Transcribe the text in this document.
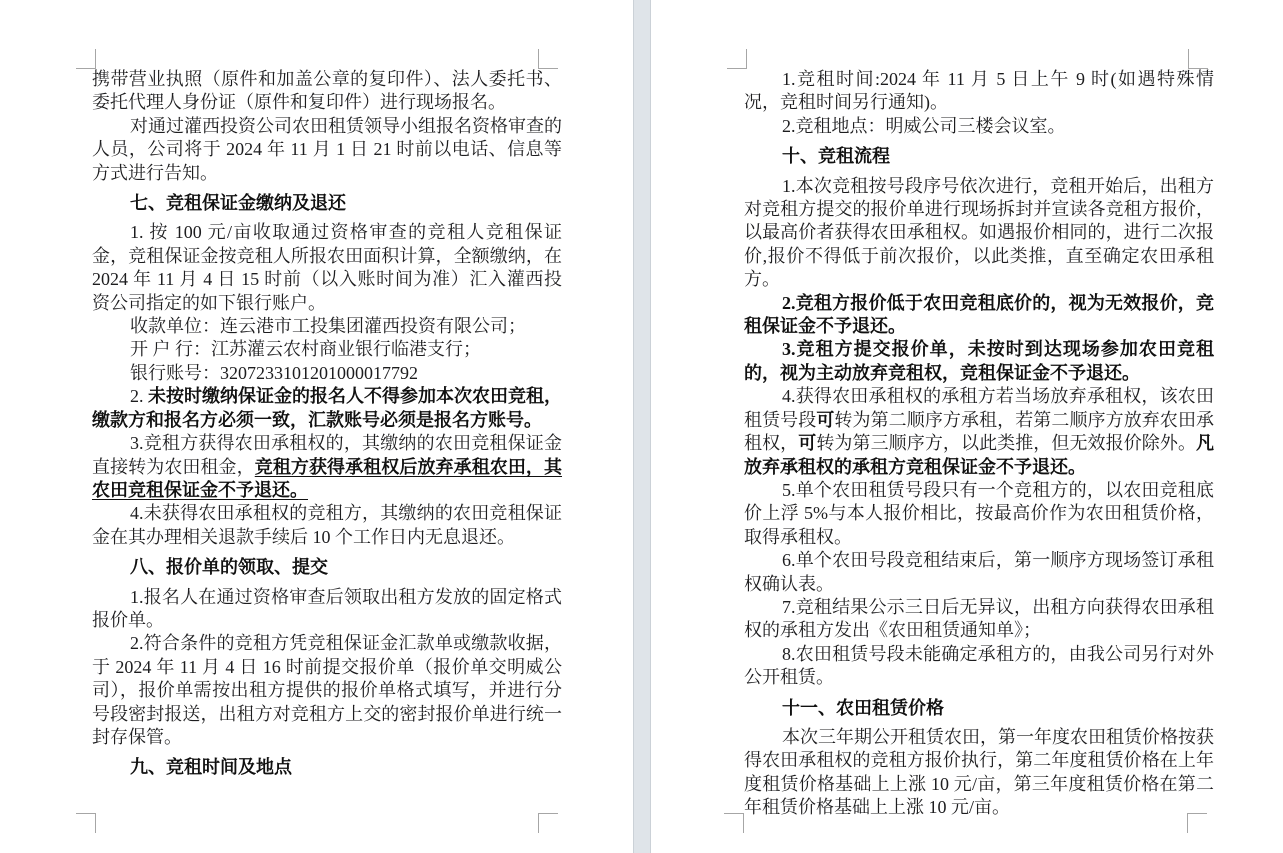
携带营业执照（原件和加盖公章的复印件）、法人委托书、委托代理人身份证（原件和复印件）进行现场报名。
对通过灌西投资公司农田租赁领导小组报名资格审查的人员，公司将于 2024 年 11 月 1 日 21 时前以电话、信息等方式进行告知。
七、竞租保证金缴纳及退还
1. 按 100 元/亩收取通过资格审查的竞租人竞租保证金，竞租保证金按竞租人所报农田面积计算，全额缴纳，在 2024 年 11 月 4 日 15 时前（以入账时间为准）汇入灌西投资公司指定的如下银行账户。
收款单位：连云港市工投集团灌西投资有限公司；
开 户 行：江苏灌云农村商业银行临港支行；
银行账号：3207233101201000017792
2. 未按时缴纳保证金的报名人不得参加本次农田竞租，缴款方和报名方必须一致，汇款账号必须是报名方账号。
3.竞租方获得农田承租权的，其缴纳的农田竞租保证金直接转为农田租金，竞租方获得承租权后放弃承租农田，其农田竞租保证金不予退还。
4.未获得农田承租权的竞租方，其缴纳的农田竞租保证金在其办理相关退款手续后 10 个工作日内无息退还。
八、报价单的领取、提交
1.报名人在通过资格审查后领取出租方发放的固定格式报价单。
2.符合条件的竞租方凭竞租保证金汇款单或缴款收据，于 2024 年 11 月 4 日 16 时前提交报价单（报价单交明威公司），报价单需按出租方提供的报价单格式填写，并进行分号段密封报送，出租方对竞租方上交的密封报价单进行统一封存保管。
九、竞租时间及地点
1.竞租时间:2024 年 11 月 5 日上午 9 时(如遇特殊情况，竞租时间另行通知)。
2.竞租地点：明威公司三楼会议室。
十、竞租流程
1.本次竞租按号段序号依次进行，竞租开始后，出租方对竞租方提交的报价单进行现场拆封并宣读各竞租方报价，以最高价者获得农田承租权。如遇报价相同的，进行二次报价,报价不得低于前次报价，以此类推，直至确定农田承租方。
2.竞租方报价低于农田竞租底价的，视为无效报价，竞租保证金不予退还。
3.竞租方提交报价单，未按时到达现场参加农田竞租的，视为主动放弃竞租权，竞租保证金不予退还。
4.获得农田承租权的承租方若当场放弃承租权，该农田租赁号段可转为第二顺序方承租，若第二顺序方放弃农田承租权，可转为第三顺序方，以此类推，但无效报价除外。凡放弃承租权的承租方竞租保证金不予退还。
5.单个农田租赁号段只有一个竞租方的，以农田竞租底价上浮 5%与本人报价相比，按最高价作为农田租赁价格，取得承租权。
6.单个农田号段竞租结束后，第一顺序方现场签订承租权确认表。
7.竞租结果公示三日后无异议，出租方向获得农田承租权的承租方发出《农田租赁通知单》；
8.农田租赁号段未能确定承租方的，由我公司另行对外公开租赁。
十一、农田租赁价格
本次三年期公开租赁农田，第一年度农田租赁价格按获得农田承租权的竞租方报价执行，第二年度租赁价格在上年度租赁价格基础上上涨 10 元/亩，第三年度租赁价格在第二年租赁价格基础上上涨 10 元/亩。
